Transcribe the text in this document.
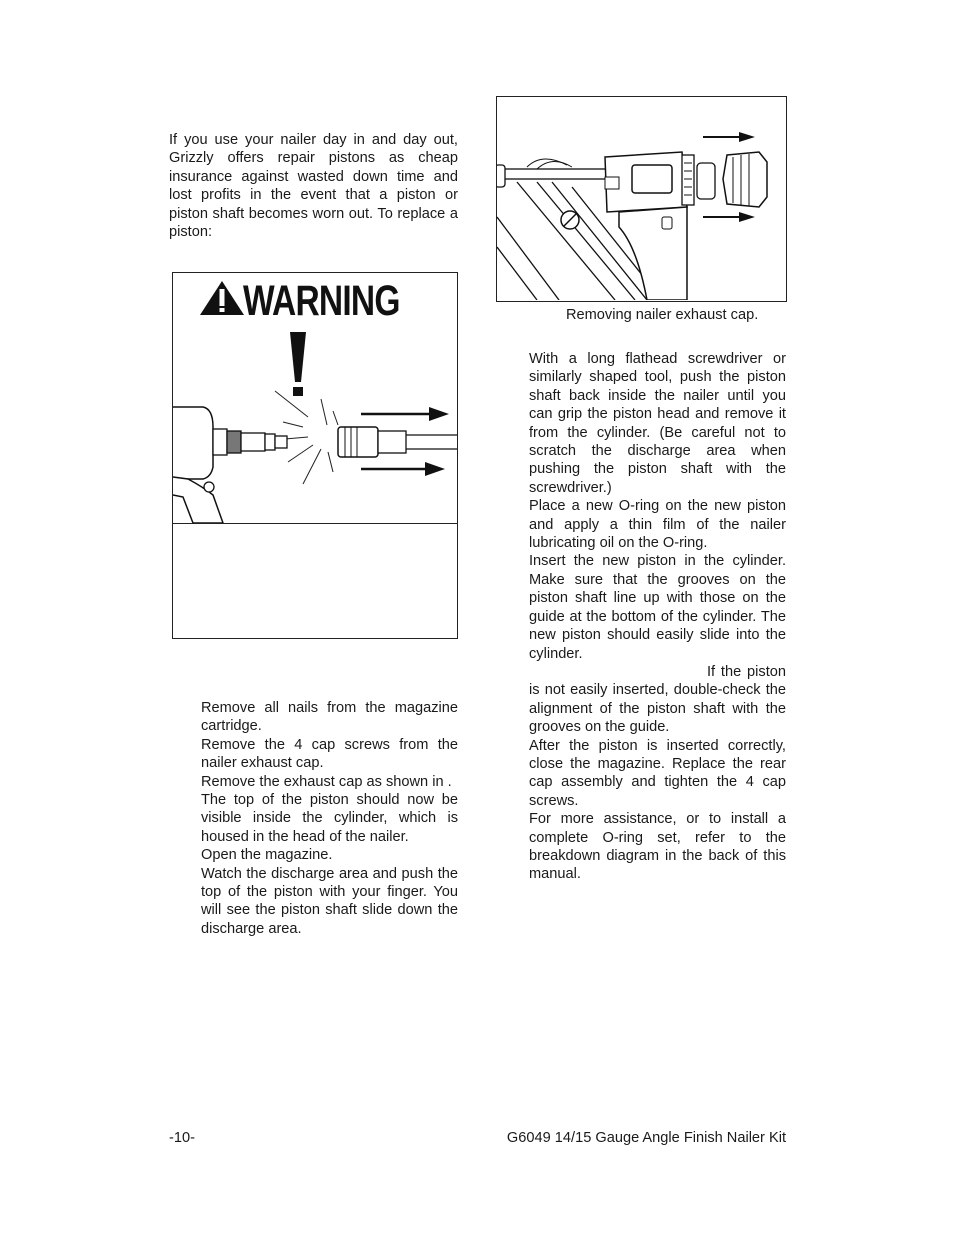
If you use your nailer day in and day out, Grizzly offers repair pistons as cheap insurance against wasted down time and lost profits in the event that a piston or piston shaft becomes worn out. To replace a piston:
WARNING
Remove all nails from the magazine cartridge.
Remove the 4 cap screws from the nailer exhaust cap.
Remove the exhaust cap as shown in .
The top of the piston should now be visible inside the cylinder, which is housed in the head of the nailer.
Open the magazine.
Watch the discharge area and push the top of the piston with your finger. You will see the piston shaft slide down the discharge area.
Removing nailer exhaust cap.
With a long flathead screwdriver or similarly shaped tool, push the piston shaft back inside the nailer until you can grip the piston head and remove it from the cylinder. (Be careful not to scratch the discharge area when pushing the piston shaft with the screwdriver.)
Place a new O-ring on the new piston and apply a thin film of the nailer lubricating oil on the O-ring.
Insert the new piston in the cylinder. Make sure that the grooves on the piston shaft line up with those on the guide at the bottom of the cylinder. The new piston should easily slide into the cylinder.
If the piston is not easily inserted, double-check the alignment of the piston shaft with the grooves on the guide.
After the piston is inserted correctly, close the magazine. Replace the rear cap assembly and tighten the 4 cap screws.
For more assistance, or to install a complete O-ring set, refer to the breakdown diagram in the back of this manual.
-10-	G6049 14/15 Gauge Angle Finish Nailer Kit
